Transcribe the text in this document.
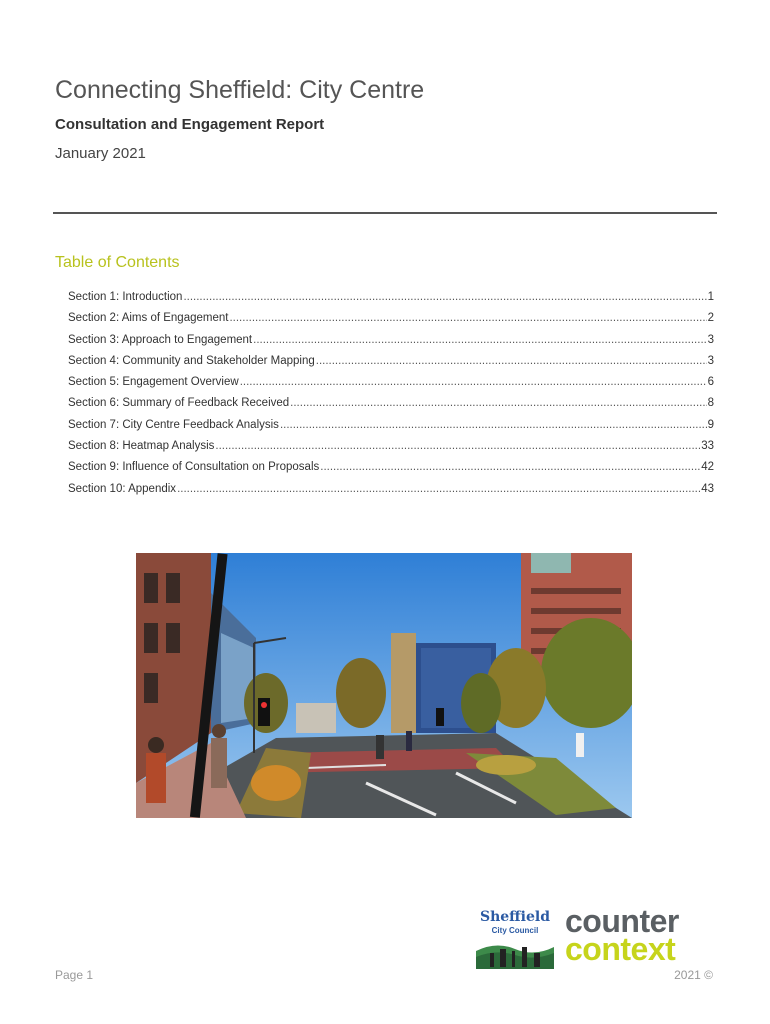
Connecting Sheffield: City Centre
Consultation and Engagement Report
January 2021
Table of Contents
Section 1: Introduction .....	1
Section 2: Aims of Engagement .....	2
Section 3: Approach to Engagement .....	3
Section 4: Community and Stakeholder Mapping .....	3
Section 5: Engagement Overview .....	6
Section 6: Summary of Feedback Received .....	8
Section 7: City Centre Feedback Analysis .....	9
Section 8: Heatmap Analysis .....	33
Section 9: Influence of Consultation on Proposals .....	42
Section 10: Appendix .....	43
Sheffield
City Council counter
context
Page 1	2021 ©
